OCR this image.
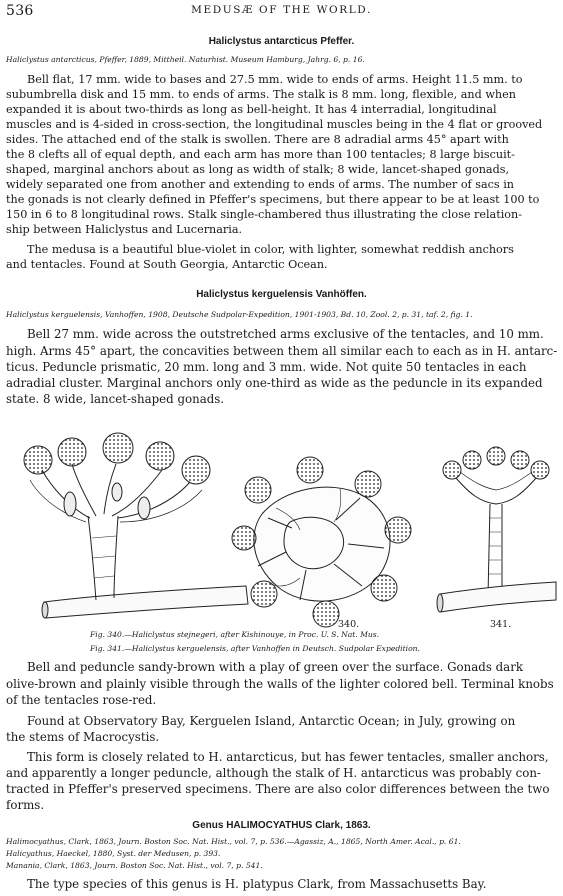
536	MEDUSÆ OF THE WORLD.
Haliclystus antarcticus Pfeffer.
Haliclystus antarcticus, Pfeffer, 1889, Mittheil. Naturhist. Museum Hamburg, Jahrg. 6, p. 16.
Bell flat, 17 mm. wide to bases and 27.5 mm. wide to ends of arms. Height 11.5 mm. to
subumbrella disk and 15 mm. to ends of arms. The stalk is 8 mm. long, flexible, and when
expanded it is about two-thirds as long as bell-height. It has 4 interradial, longitudinal
muscles and is 4-sided in cross-section, the longitudinal muscles being in the 4 flat or grooved
sides. The attached end of the stalk is swollen. There are 8 adradial arms 45° apart with
the 8 clefts all of equal depth, and each arm has more than 100 tentacles; 8 large biscuit-
shaped, marginal anchors about as long as width of stalk; 8 wide, lancet-shaped gonads,
widely separated one from another and extending to ends of arms. The number of sacs in
the gonads is not clearly defined in Pfeffer's specimens, but there appear to be at least 100 to
150 in 6 to 8 longitudinal rows. Stalk single-chambered thus illustrating the close relation-
ship between Haliclystus and Lucernaria.
The medusa is a beautiful blue-violet in color, with lighter, somewhat reddish anchors
and tentacles. Found at South Georgia, Antarctic Ocean.
Haliclystus kerguelensis Vanhöffen.
Haliclystus kerguelensis, Vanhoffen, 1908, Deutsche Sudpolar-Expedition, 1901-1903, Bd. 10, Zool. 2, p. 31, taf. 2, fig. 1.
Bell 27 mm. wide across the outstretched arms exclusive of the tentacles, and 10 mm.
high. Arms 45° apart, the concavities between them all similar each to each as in H. antarc-
ticus. Peduncle prismatic, 20 mm. long and 3 mm. wide. Not quite 50 tentacles in each
adradial cluster. Marginal anchors only one-third as wide as the peduncle in its expanded
state. 8 wide, lancet-shaped gonads.
340.	341.
Fig. 340.—Haliclystus stejnegeri, after Kishinouye, in Proc. U. S. Nat. Mus.
Fig. 341.—Haliclystus kerguelensis, after Vanhoffen in Deutsch. Sudpolar Expedition.
Bell and peduncle sandy-brown with a play of green over the surface. Gonads dark
olive-brown and plainly visible through the walls of the lighter colored bell. Terminal knobs
of the tentacles rose-red.
Found at Observatory Bay, Kerguelen Island, Antarctic Ocean; in July, growing on
the stems of Macrocystis.
This form is closely related to H. antarcticus, but has fewer tentacles, smaller anchors,
and apparently a longer peduncle, although the stalk of H. antarcticus was probably con-
tracted in Pfeffer's preserved specimens. There are also color differences between the two
forms.
Genus HALIMOCYATHUS Clark, 1863.
Halimocyathus, Clark, 1863, Journ. Boston Soc. Nat. Hist., vol. 7, p. 536.—Agassiz, A., 1865, North Amer. Acal., p. 61.
Halicyathus, Haeckel, 1880, Syst. der Medusen, p. 393.
Manania, Clark, 1863, Journ. Boston Soc. Nat. Hist., vol. 7, p. 541.
The type species of this genus is H. platypus Clark, from Massachusetts Bay.
